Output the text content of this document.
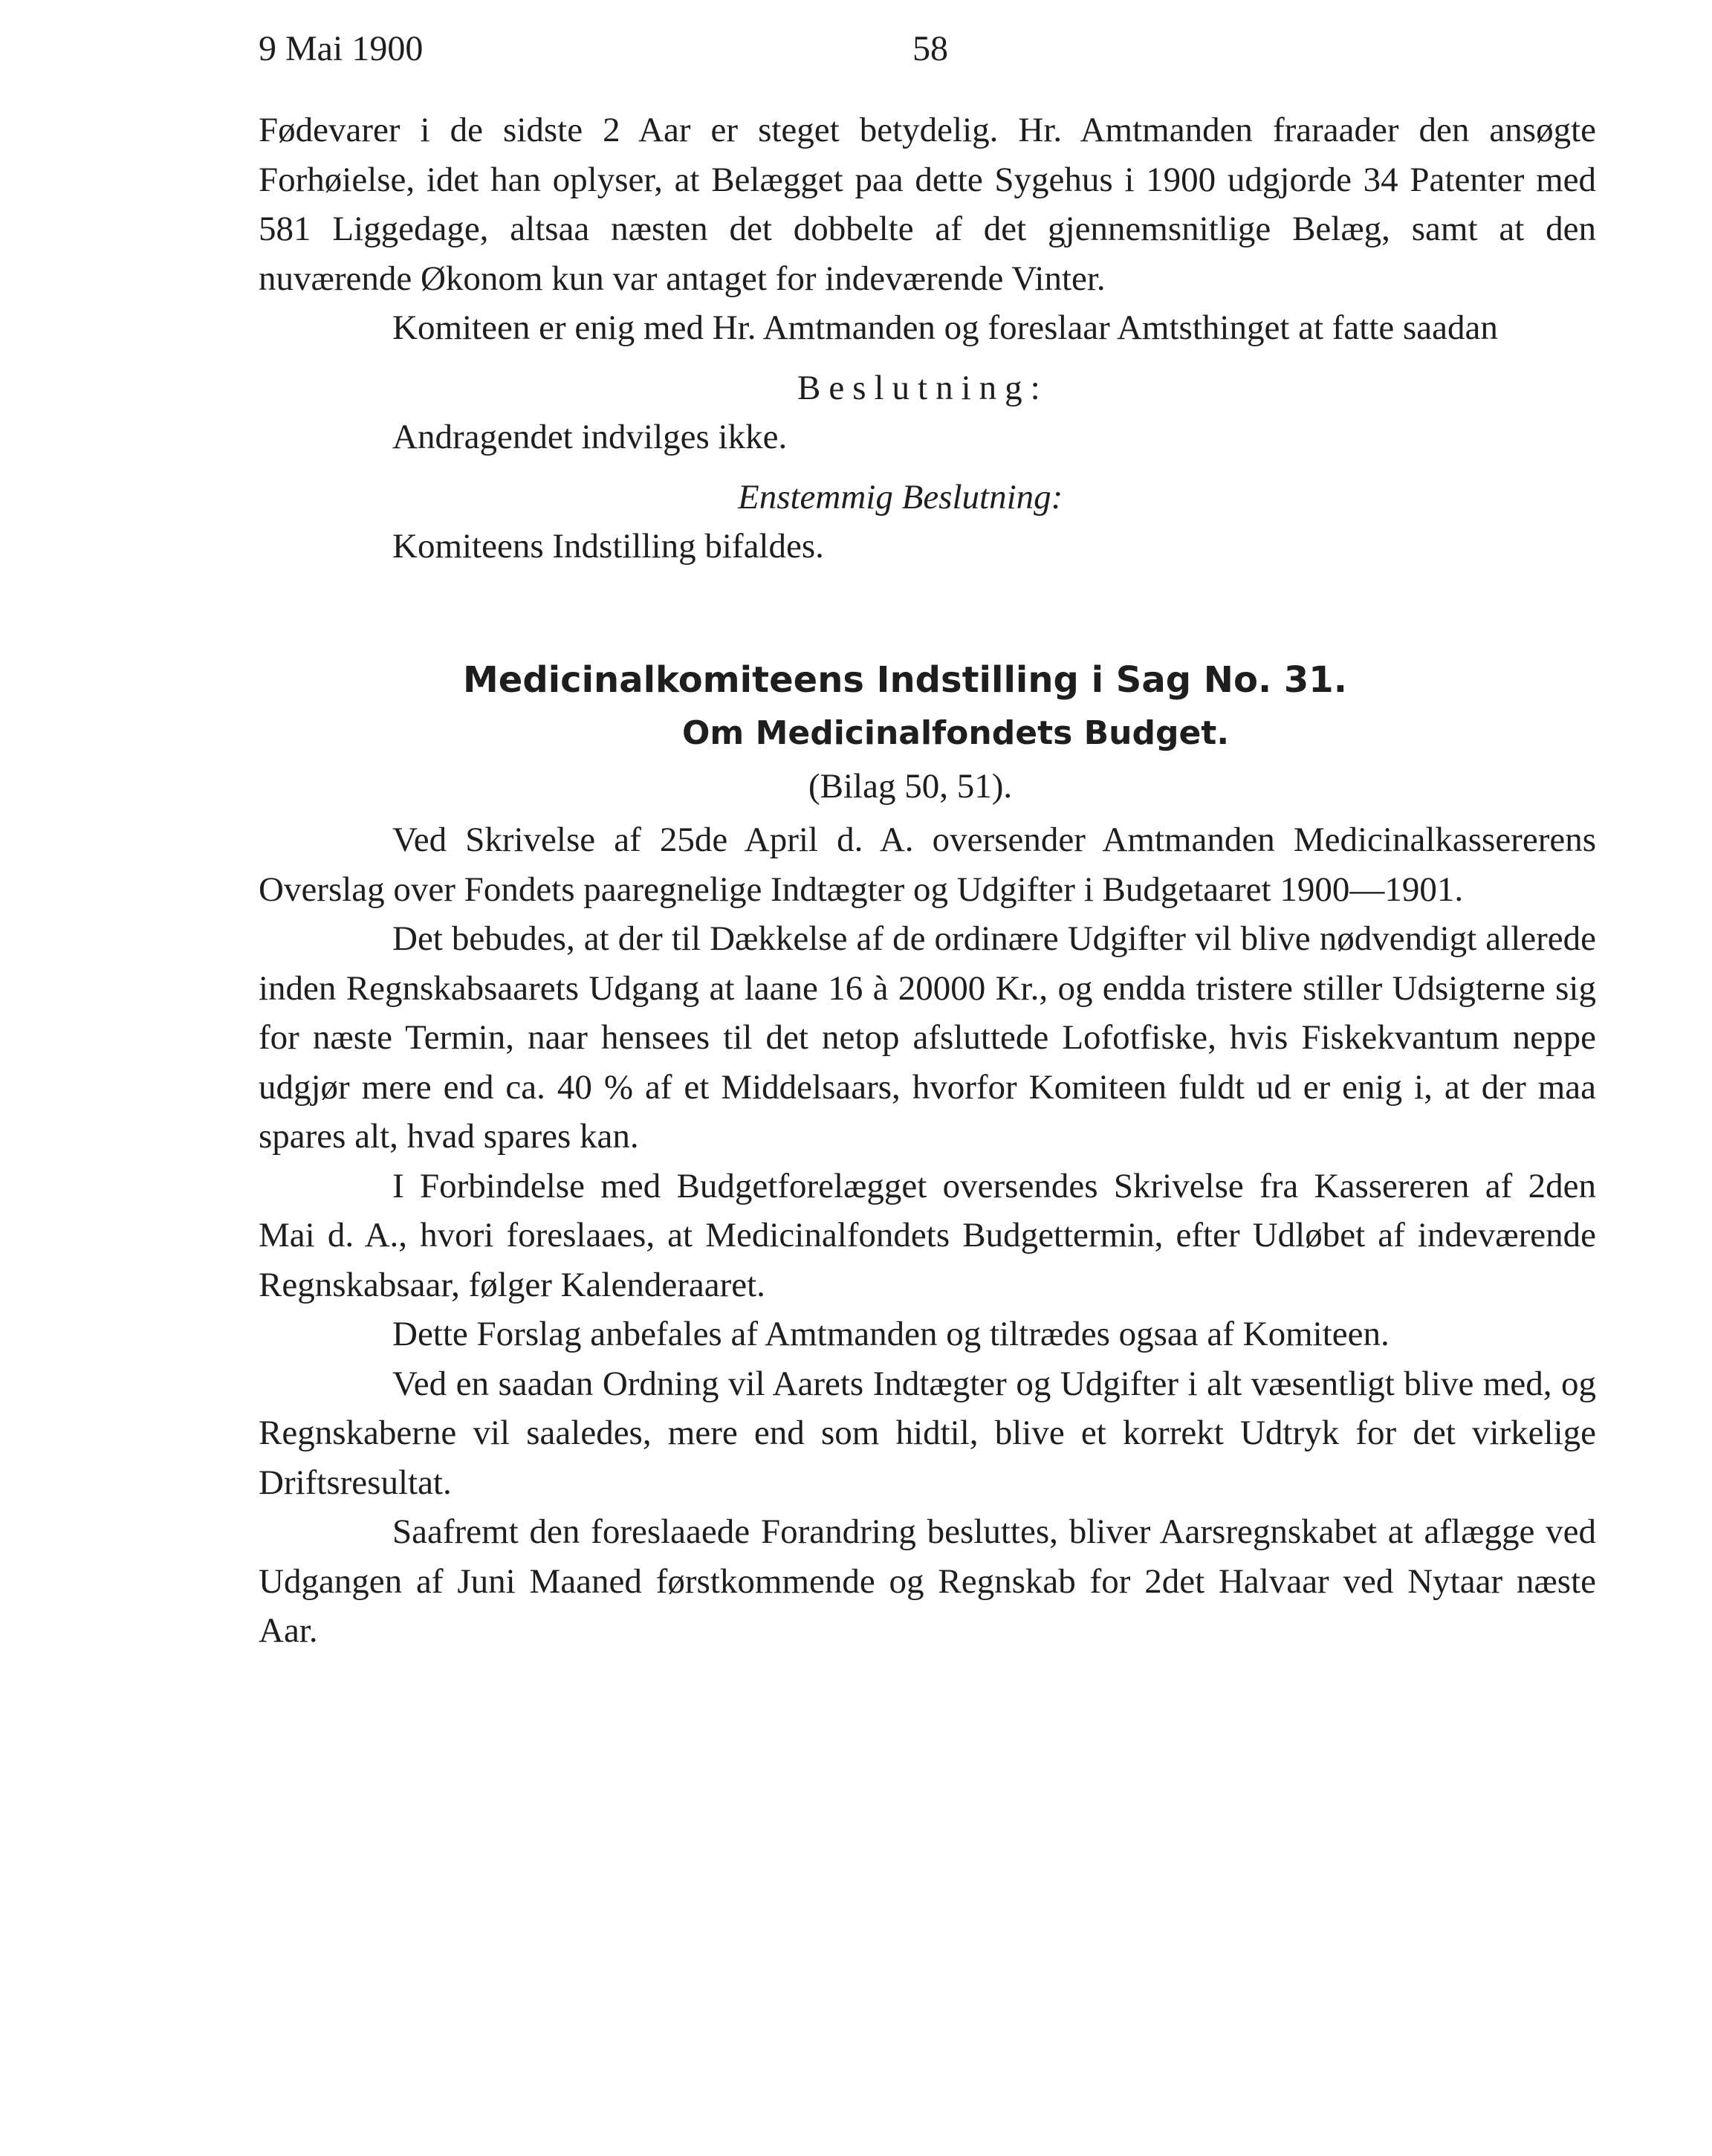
9 Mai 1900	58

Fødevarer i de sidste 2 Aar er steget betydelig. Hr. Amtmanden fraraader den ansøgte Forhøielse, idet han oplyser, at Belægget paa dette Sygehus i 1900 udgjorde 34 Patenter med 581 Liggedage, altsaa næsten det dobbelte af det gjennemsnitlige Belæg, samt at den nuværende Økonom kun var antaget for indeværende Vinter.

Komiteen er enig med Hr. Amtmanden og foreslaar Amtsthinget at fatte saadan

Beslutning:

Andragendet indvilges ikke.

Enstemmig Beslutning:

Komiteens Indstilling bifaldes.

Medicinalkomiteens Indstilling i Sag No. 31.
Om Medicinalfondets Budget.

(Bilag 50, 51).

Ved Skrivelse af 25de April d. A. oversender Amtmanden Medicinalkassererens Overslag over Fondets paaregnelige Indtægter og Udgifter i Budgetaaret 1900—1901.

Det bebudes, at der til Dækkelse af de ordinære Udgifter vil blive nødvendigt allerede inden Regnskabsaarets Udgang at laane 16 à 20000 Kr., og endda tristere stiller Udsigterne sig for næste Termin, naar hensees til det netop afsluttede Lofotfiske, hvis Fiskekvantum neppe udgjør mere end ca. 40 % af et Middelsaars, hvorfor Komiteen fuldt ud er enig i, at der maa spares alt, hvad spares kan.

I Forbindelse med Budgetforelægget oversendes Skrivelse fra Kassereren af 2den Mai d. A., hvori foreslaaes, at Medicinalfondets Budgettermin, efter Udløbet af indeværende Regnskabsaar, følger Kalenderaaret.

Dette Forslag anbefales af Amtmanden og tiltrædes ogsaa af Komiteen.

Ved en saadan Ordning vil Aarets Indtægter og Udgifter i alt væsentligt blive med, og Regnskaberne vil saaledes, mere end som hidtil, blive et korrekt Udtryk for det virkelige Driftsresultat.

Saafremt den foreslaaede Forandring besluttes, bliver Aarsregnskabet at aflægge ved Udgangen af Juni Maaned førstkommende og Regnskab for 2det Halvaar ved Nytaar næste Aar.
